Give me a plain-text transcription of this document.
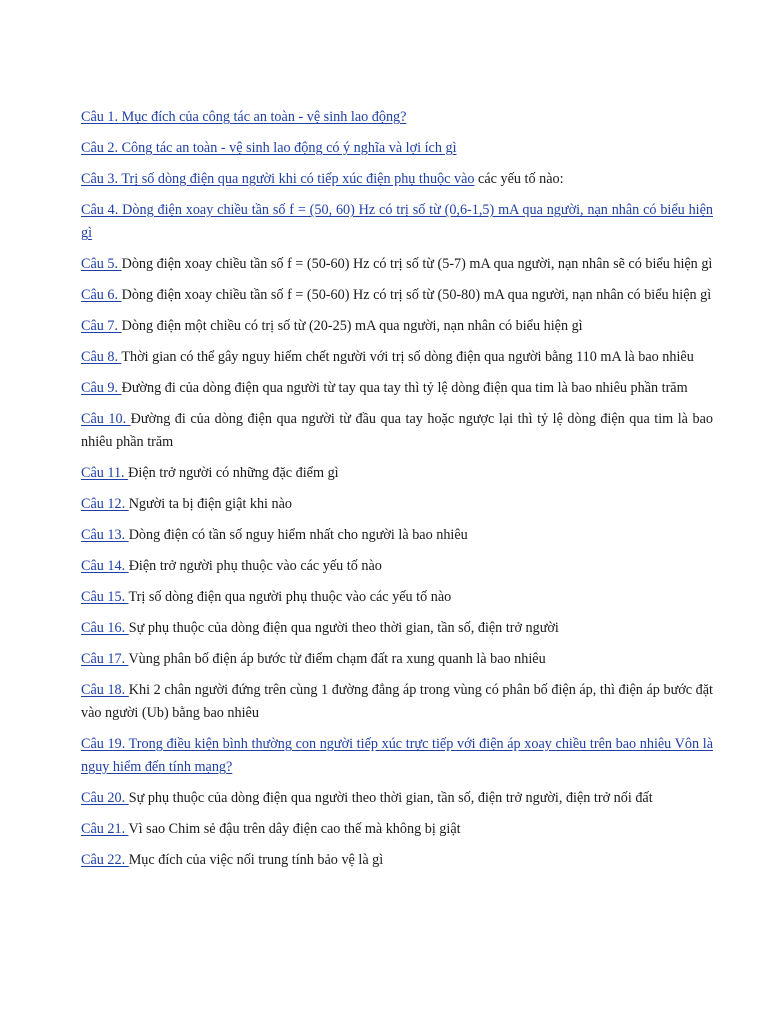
Câu 1. Mục đích của công tác an toàn - vệ sinh lao động?

Câu 2. Công tác an toàn - vệ sinh lao động có ý nghĩa và lợi ích gì

Câu 3. Trị số dòng điện qua người khi có tiếp xúc điện phụ thuộc vào các yếu tố nào:

Câu 4. Dòng điện xoay chiều tần số f = (50, 60) Hz có trị số từ (0,6-1,5) mA qua người, nạn nhân có biểu hiện gì

Câu 5. Dòng điện xoay chiều tần số f = (50-60) Hz có trị số từ (5-7) mA qua người, nạn nhân sẽ có biểu hiện gì

Câu 6. Dòng điện xoay chiều tần số f = (50-60) Hz có trị số từ (50-80) mA qua người, nạn nhân có biểu hiện gì

Câu 7. Dòng điện một chiều có trị số từ (20-25) mA qua người, nạn nhân có biểu hiện gì

Câu 8. Thời gian có thể gây nguy hiểm chết người với trị số dòng điện qua người bằng 110 mA là bao nhiêu

Câu 9. Đường đi của dòng điện qua người từ tay qua tay thì tỷ lệ dòng điện qua tim là bao nhiêu phần trăm

Câu 10. Đường đi của dòng điện qua người từ đầu qua tay hoặc ngược lại thì tỷ lệ dòng điện qua tim là bao nhiêu phần trăm

Câu 11. Điện trở người có những đặc điểm gì

Câu 12. Người ta bị điện giật khi nào

Câu 13. Dòng điện có tần số nguy hiểm nhất cho người là bao nhiêu

Câu 14. Điện trở người phụ thuộc vào các yếu tố nào

Câu 15. Trị số dòng điện qua người phụ thuộc vào các yếu tố nào

Câu 16. Sự phụ thuộc của dòng điện qua người theo thời gian, tần số, điện trở người

Câu 17. Vùng phân bố điện áp bước từ điểm chạm đất ra xung quanh là bao nhiêu

Câu 18. Khi 2 chân người đứng trên cùng 1 đường đẳng áp trong vùng có phân bố điện áp, thì điện áp bước đặt vào người (Ub) bằng bao nhiêu

Câu 19. Trong điều kiện bình thường con người tiếp xúc trực tiếp với điện áp xoay chiều trên bao nhiêu Vôn là nguy hiểm đến tính mạng?

Câu 20. Sự phụ thuộc của dòng điện qua người theo thời gian, tần số, điện trở người, điện trở nối đất

Câu 21. Vì sao Chim sẻ đậu trên dây điện cao thế mà không bị giật

Câu 22. Mục đích của việc nối trung tính bảo vệ là gì
